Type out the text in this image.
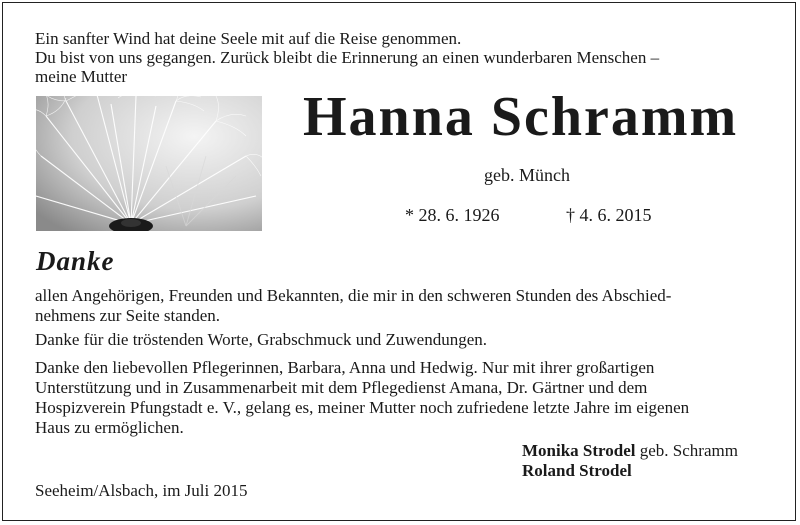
Ein sanfter Wind hat deine Seele mit auf die Reise genommen.
Du bist von uns gegangen. Zurück bleibt die Erinnerung an einen wunderbaren Menschen –
meine Mutter
Hanna Schramm
geb. Münch
* 28. 6. 1926	† 4. 6. 2015
Danke
allen Angehörigen, Freunden und Bekannten, die mir in den schweren Stunden des Abschied-
nehmens zur Seite standen.
Danke für die tröstenden Worte, Grabschmuck und Zuwendungen.
Danke den liebevollen Pflegerinnen, Barbara, Anna und Hedwig. Nur mit ihrer großartigen
Unterstützung und in Zusammenarbeit mit dem Pflegedienst Amana, Dr. Gärtner und dem
Hospizverein Pfungstadt e. V., gelang es, meiner Mutter noch zufriedene letzte Jahre im eigenen
Haus zu ermöglichen.
Monika Strodel geb. Schramm
Roland Strodel
Seeheim/Alsbach, im Juli 2015
